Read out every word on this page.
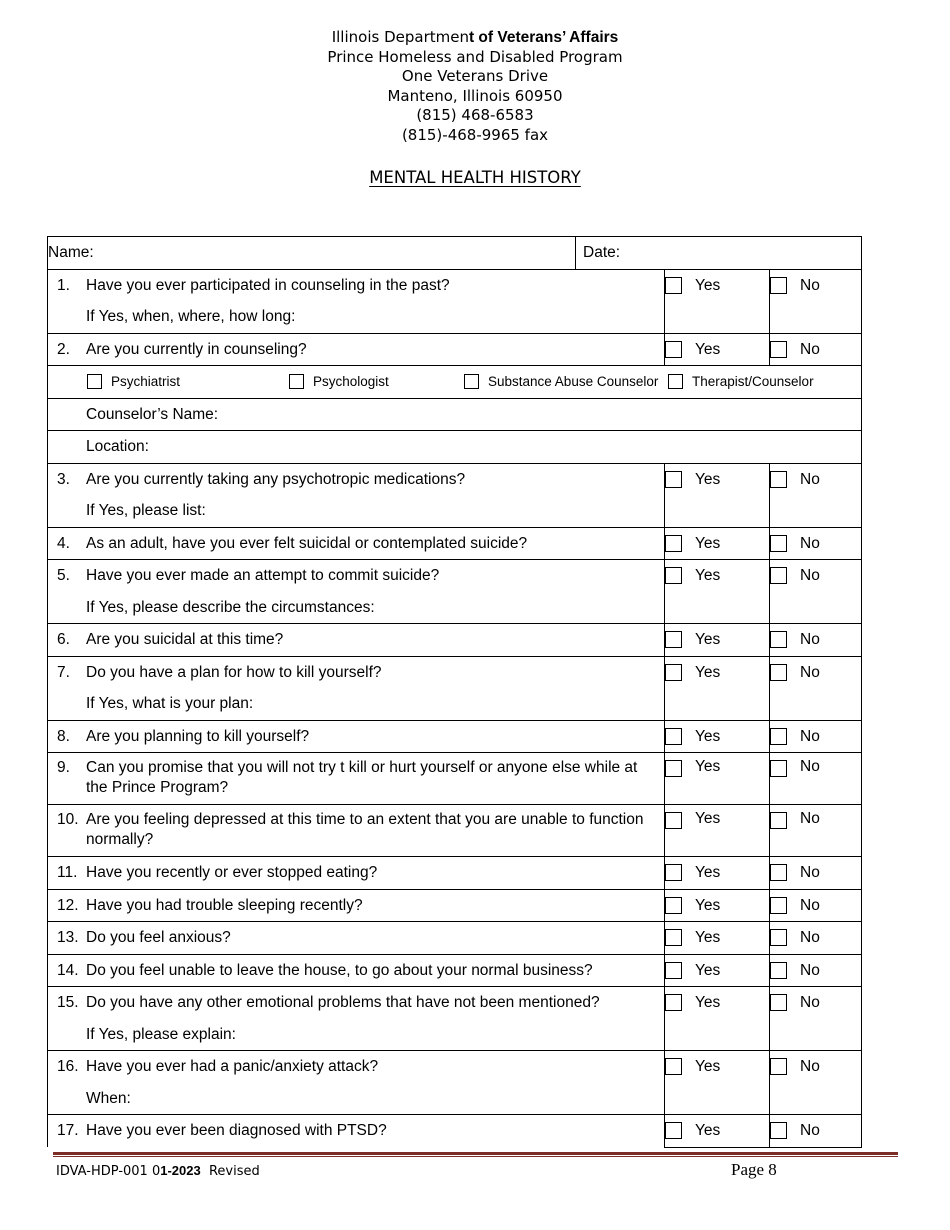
Illinois Department of Veterans’ Affairs
Prince Homeless and Disabled Program
One Veterans Drive
Manteno, Illinois 60950
(815) 468-6583
(815)-468-9965 fax
MENTAL HEALTH HISTORY
Name:	Date:		

1. Have you ever participated in counseling in the past?
If Yes, when, where, how long:		Yes	No

2. Are you currently in counseling?		Yes	No

Psychiatrist Psychologist Substance Abuse Counselor Therapist/Counselor			

Counselor’s Name:			

Location:			

3. Are you currently taking any psychotropic medications?
If Yes, please list:		Yes	No

4. As an adult, have you ever felt suicidal or contemplated suicide?		Yes	No

5. Have you ever made an attempt to commit suicide?
If Yes, please describe the circumstances:		Yes	No

6. Are you suicidal at this time?		Yes	No

7. Do you have a plan for how to kill yourself?
If Yes, what is your plan:		Yes	No

8. Are you planning to kill yourself?		Yes	No

9. Can you promise that you will not try t kill or hurt yourself or anyone else while at the Prince Program?		Yes	No

10. Are you feeling depressed at this time to an extent that you are unable to function normally?		Yes	No

11. Have you recently or ever stopped eating?		Yes	No

12. Have you had trouble sleeping recently?		Yes	No

13. Do you feel anxious?		Yes	No

14. Do you feel unable to leave the house, to go about your normal business?		Yes	No

15. Do you have any other emotional problems that have not been mentioned?
If Yes, please explain:		Yes	No

16. Have you ever had a panic/anxiety attack?
When:		Yes	No

17. Have you ever been diagnosed with PTSD?		Yes	No
IDVA-HDP-001 01-2023  Revised	Page 8
